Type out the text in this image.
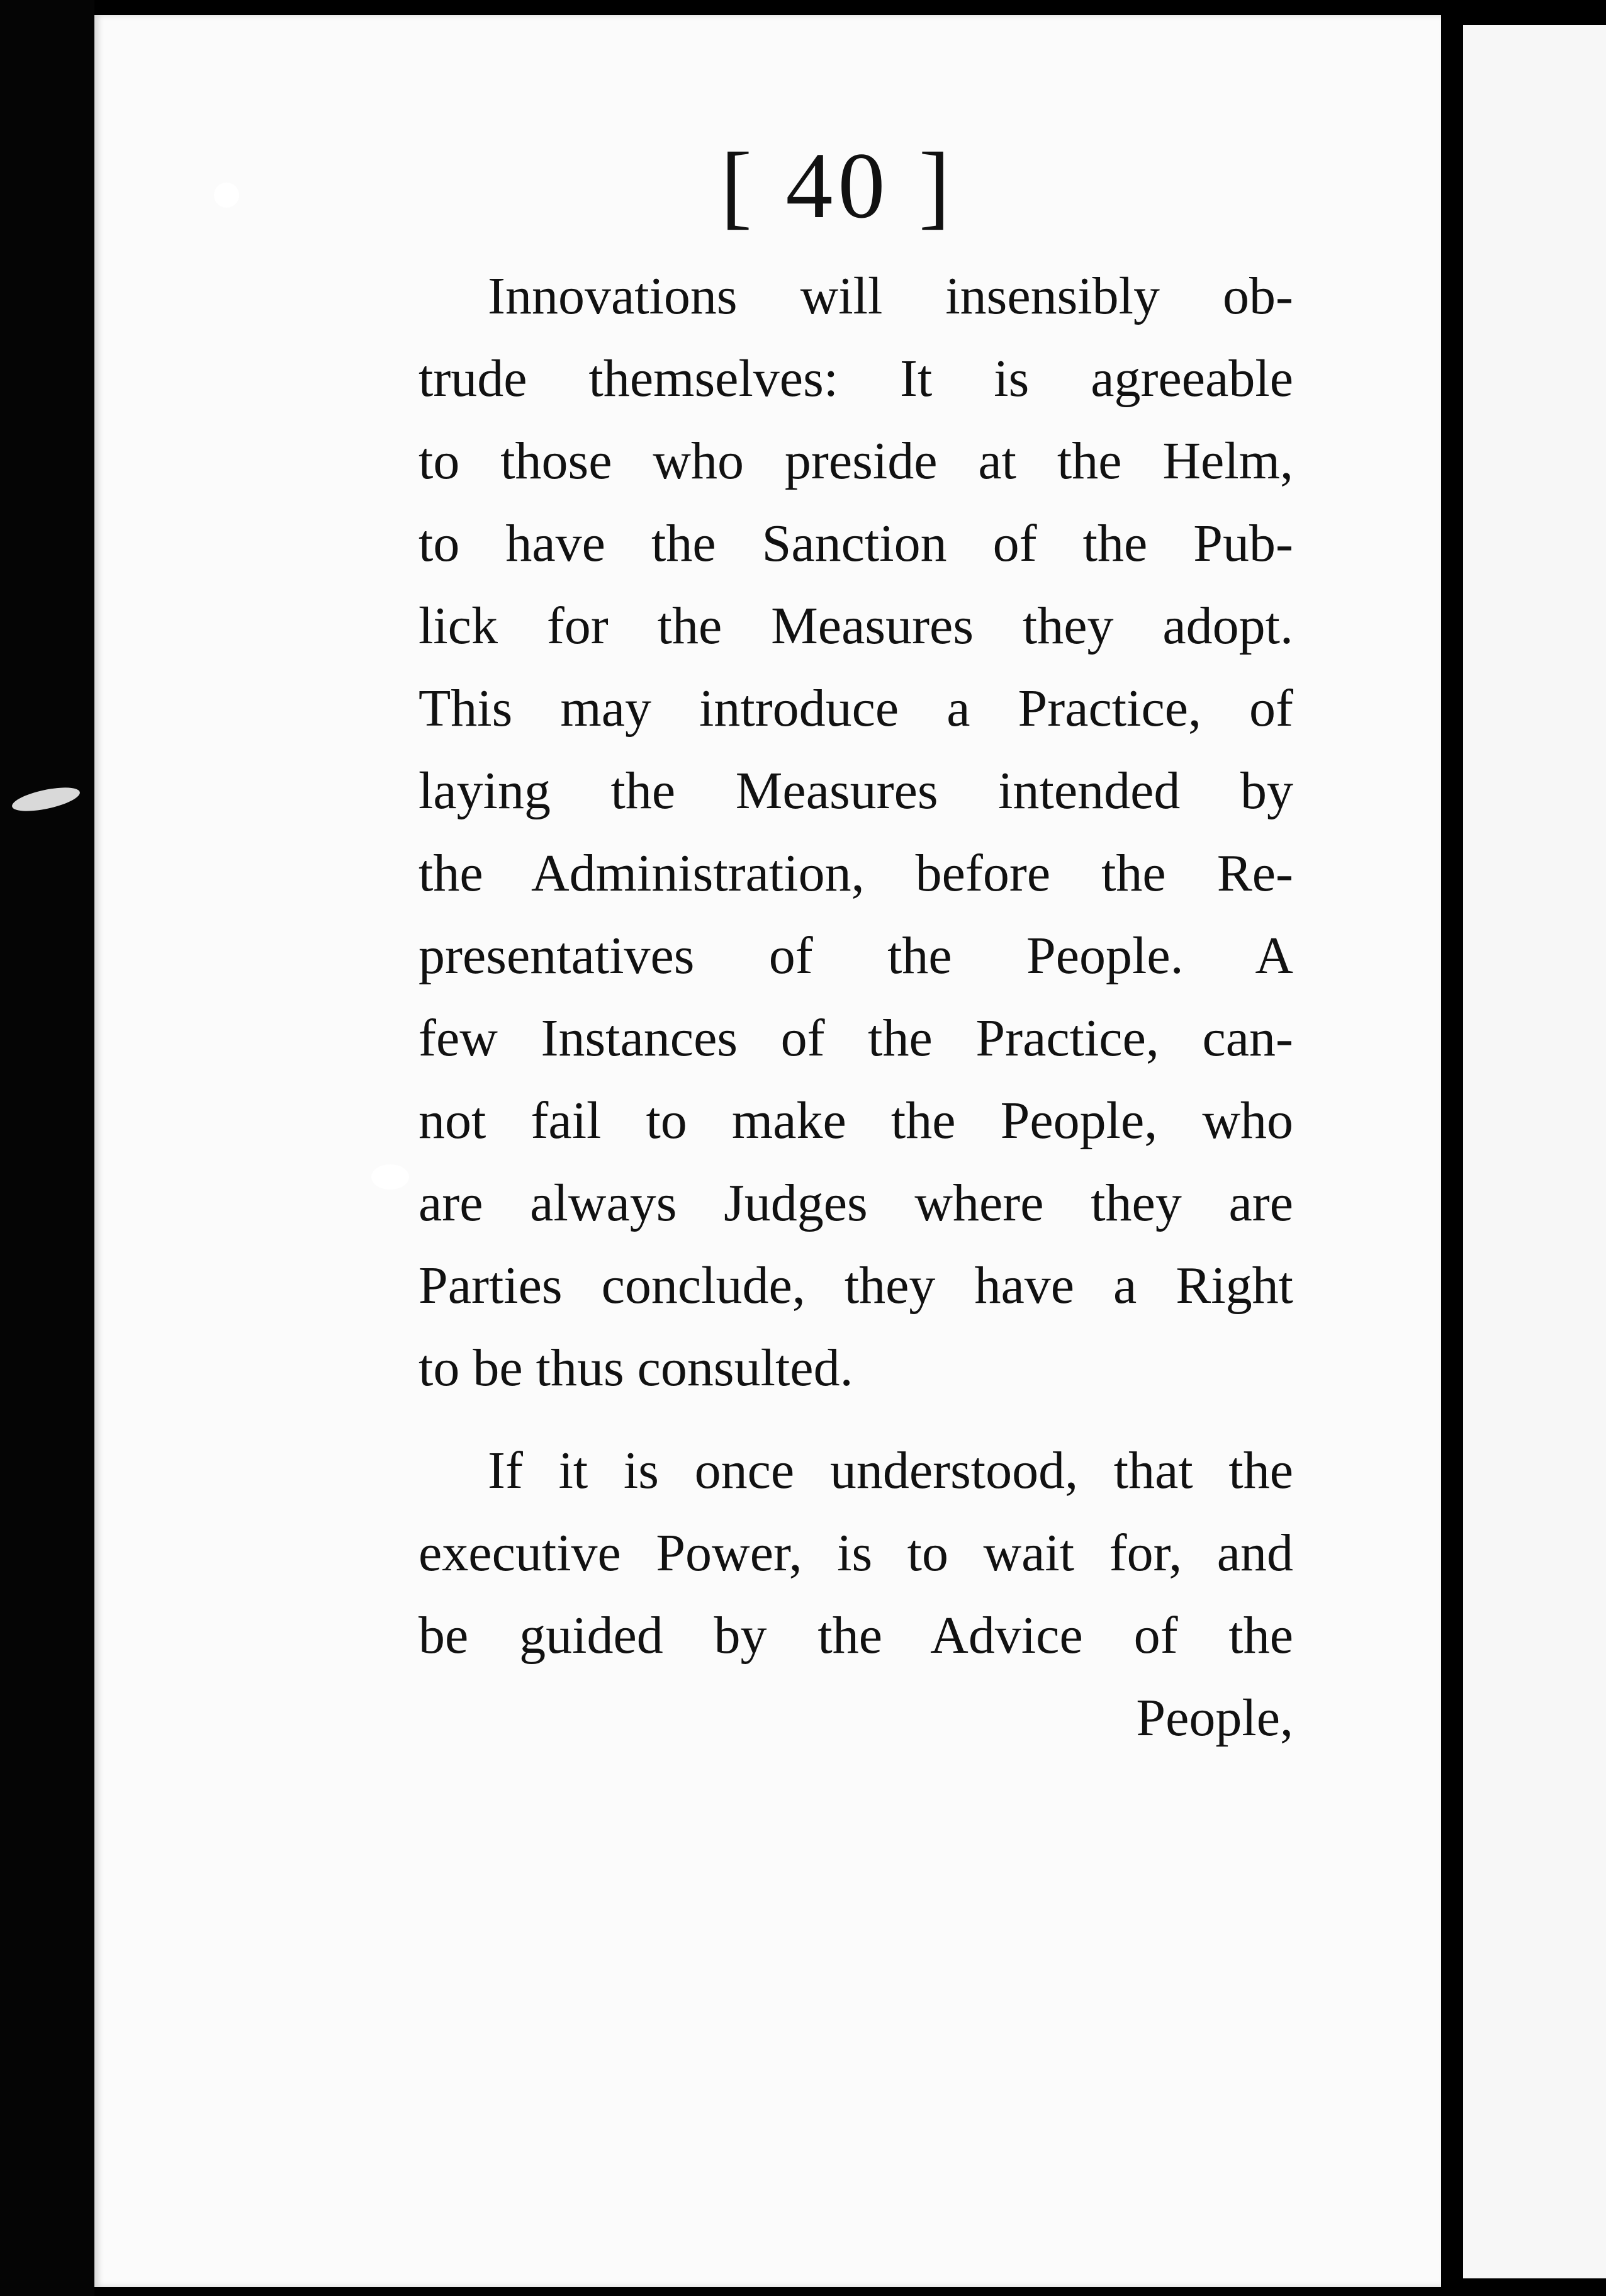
[ 40 ]
Innovations will insensibly ob-
trude themselves: It is agreeable
to those who preside at the Helm,
to have the Sanction of the Pub-
lick for the Measures they adopt.
This may introduce a Practice, of
laying the Measures intended by
the Administration, before the Re-
presentatives of the People. A
few Instances of the Practice, can-
not fail to make the People, who
are always Judges where they are
Parties conclude, they have a Right
to be thus consulted.
If it is once understood, that the
executive Power, is to wait for, and
be guided by the Advice of the
People,
